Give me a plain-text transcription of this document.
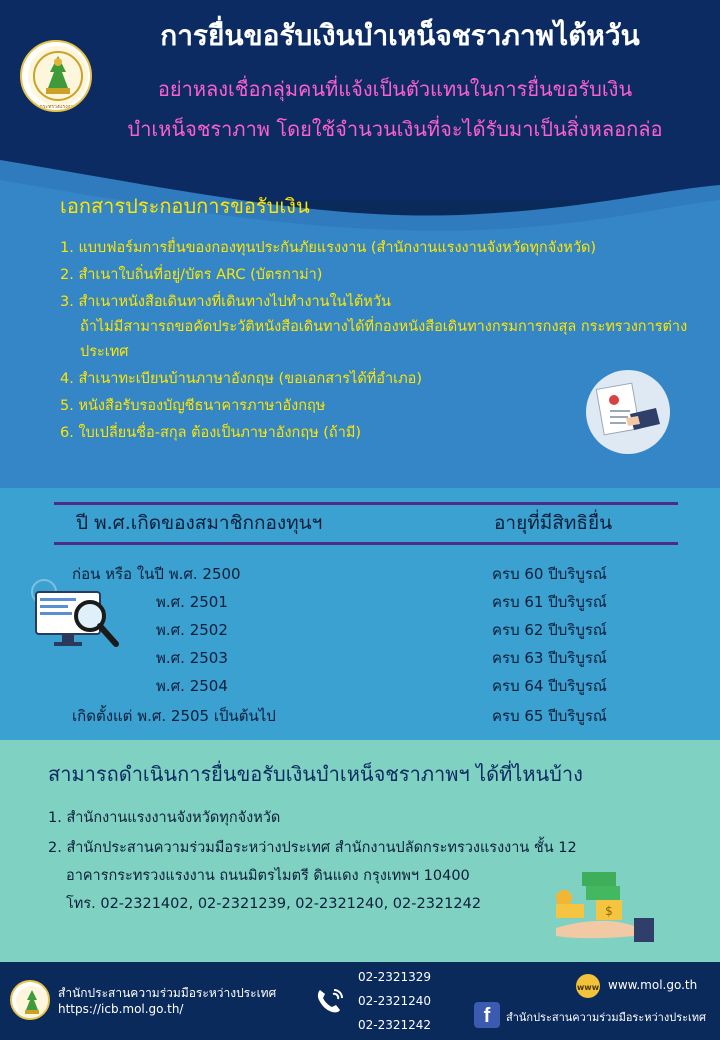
กระทรวงแรงงาน
การยื่นขอรับเงินบำเหน็จชราภาพไต้หวัน
อย่าหลงเชื่อกลุ่มคนที่แจ้งเป็นตัวแทนในการยื่นขอรับเงิน
บำเหน็จชราภาพ โดยใช้จำนวนเงินที่จะได้รับมาเป็นสิ่งหลอกล่อ
เอกสารประกอบการขอรับเงิน
1. แบบฟอร์มการยื่นของกองทุนประกันภัยแรงงาน (สำนักงานแรงงานจังหวัดทุกจังหวัด)
2. สำเนาใบถิ่นที่อยู่/บัตร ARC (บัตรกาม่า)
3. สำเนาหนังสือเดินทางที่เดินทางไปทำงานในไต้หวัน
ถ้าไม่มีสามารถขอคัดประวัติหนังสือเดินทางได้ที่กองหนังสือเดินทางกรมการกงสุล กระทรวงการต่างประเทศ
4. สำเนาทะเบียนบ้านภาษาอังกฤษ (ขอเอกสารได้ที่อำเภอ)
5. หนังสือรับรองบัญชีธนาคารภาษาอังกฤษ
6. ใบเปลี่ยนชื่อ-สกุล ต้องเป็นภาษาอังกฤษ (ถ้ามี)
ปี พ.ศ.เกิดของสมาชิกกองทุนฯ	อายุที่มีสิทธิยื่น
ก่อน หรือ ในปี พ.ศ. 2500	ครบ 60 ปีบริบูรณ์
พ.ศ. 2501	ครบ 61 ปีบริบูรณ์
พ.ศ. 2502	ครบ 62 ปีบริบูรณ์
พ.ศ. 2503	ครบ 63 ปีบริบูรณ์
พ.ศ. 2504	ครบ 64 ปีบริบูรณ์
เกิดตั้งแต่ พ.ศ. 2505 เป็นต้นไป	ครบ 65 ปีบริบูรณ์
สามารถดำเนินการยื่นขอรับเงินบำเหน็จชราภาพฯ ได้ที่ไหนบ้าง
1. สำนักงานแรงงานจังหวัดทุกจังหวัด
2. สำนักประสานความร่วมมือระหว่างประเทศ สำนักงานปลัดกระทรวงแรงงาน ชั้น 12
อาคารกระทรวงแรงงาน ถนนมิตรไมตรี ดินแดง กรุงเทพฯ 10400
โทร. 02-2321402, 02-2321239, 02-2321240, 02-2321242	$
สำนักประสานความร่วมมือระหว่างประเทศ
https://icb.mol.go.th/
02-2321329
02-2321240
02-2321242
www www.mol.go.th
f	สำนักประสานความร่วมมือระหว่างประเทศ
